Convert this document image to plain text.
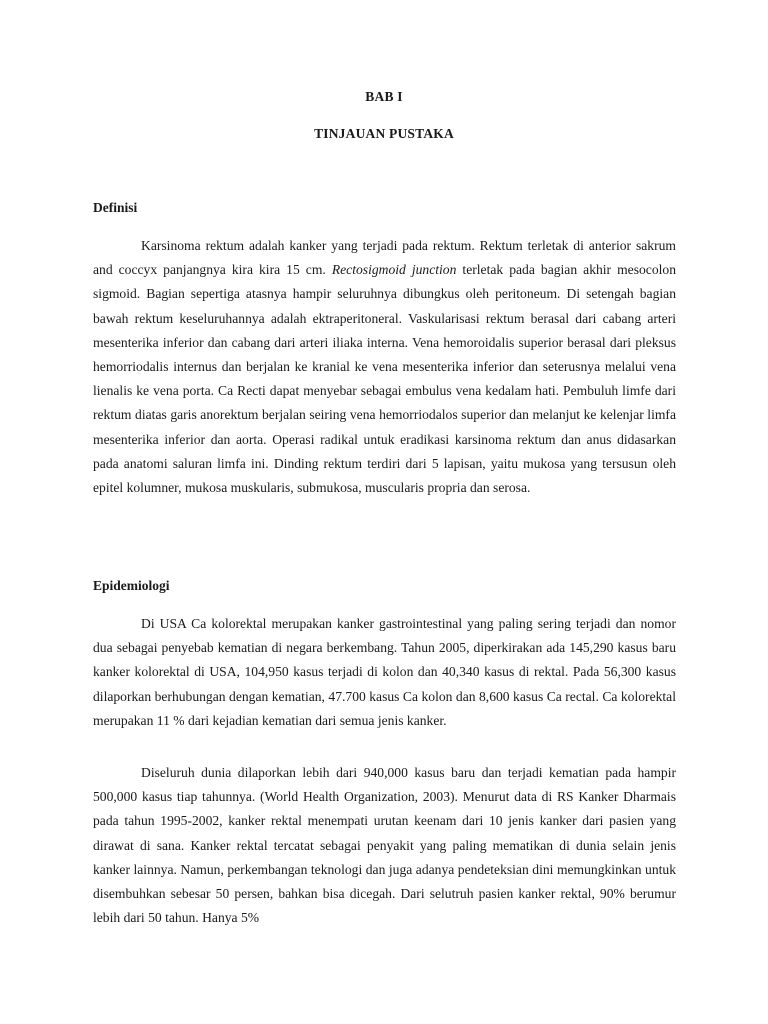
BAB I
TINJAUAN PUSTAKA
Definisi

Karsinoma rektum adalah kanker yang terjadi pada rektum. Rektum terletak di anterior sakrum and coccyx panjangnya kira kira 15 cm. Rectosigmoid junction terletak pada bagian akhir mesocolon sigmoid. Bagian sepertiga atasnya hampir seluruhnya dibungkus oleh peritoneum. Di setengah bagian bawah rektum keseluruhannya adalah ektraperitoneral. Vaskularisasi rektum berasal dari cabang arteri mesenterika inferior dan cabang dari arteri iliaka interna. Vena hemoroidalis superior berasal dari pleksus hemorriodalis internus dan berjalan ke kranial ke vena mesenterika inferior dan seterusnya melalui vena lienalis ke vena porta. Ca Recti dapat menyebar sebagai embulus vena kedalam hati. Pembuluh limfe dari rektum diatas garis anorektum berjalan seiring vena hemorriodalos superior dan melanjut ke kelenjar limfa mesenterika inferior dan aorta. Operasi radikal untuk eradikasi karsinoma rektum dan anus didasarkan pada anatomi saluran limfa ini. Dinding rektum terdiri dari 5 lapisan, yaitu mukosa yang tersusun oleh epitel kolumner, mukosa muskularis, submukosa, muscularis propria dan serosa.

Epidemiologi

Di USA Ca kolorektal merupakan kanker gastrointestinal yang paling sering terjadi dan nomor dua sebagai penyebab kematian di negara berkembang. Tahun 2005, diperkirakan ada 145,290 kasus baru kanker kolorektal di USA, 104,950 kasus terjadi di kolon dan 40,340 kasus di rektal. Pada 56,300 kasus dilaporkan berhubungan dengan kematian, 47.700 kasus Ca kolon dan 8,600 kasus Ca rectal. Ca kolorektal merupakan 11 % dari kejadian kematian dari semua jenis kanker.

Diseluruh dunia dilaporkan lebih dari 940,000 kasus baru dan terjadi kematian pada hampir 500,000 kasus tiap tahunnya. (World Health Organization, 2003). Menurut data di RS Kanker Dharmais pada tahun 1995-2002, kanker rektal menempati urutan keenam dari 10 jenis kanker dari pasien yang dirawat di sana. Kanker rektal tercatat sebagai penyakit yang paling mematikan di dunia selain jenis kanker lainnya. Namun, perkembangan teknologi dan juga adanya pendeteksian dini memungkinkan untuk disembuhkan sebesar 50 persen, bahkan bisa dicegah. Dari selutruh pasien kanker rektal, 90% berumur lebih dari 50 tahun. Hanya 5%
